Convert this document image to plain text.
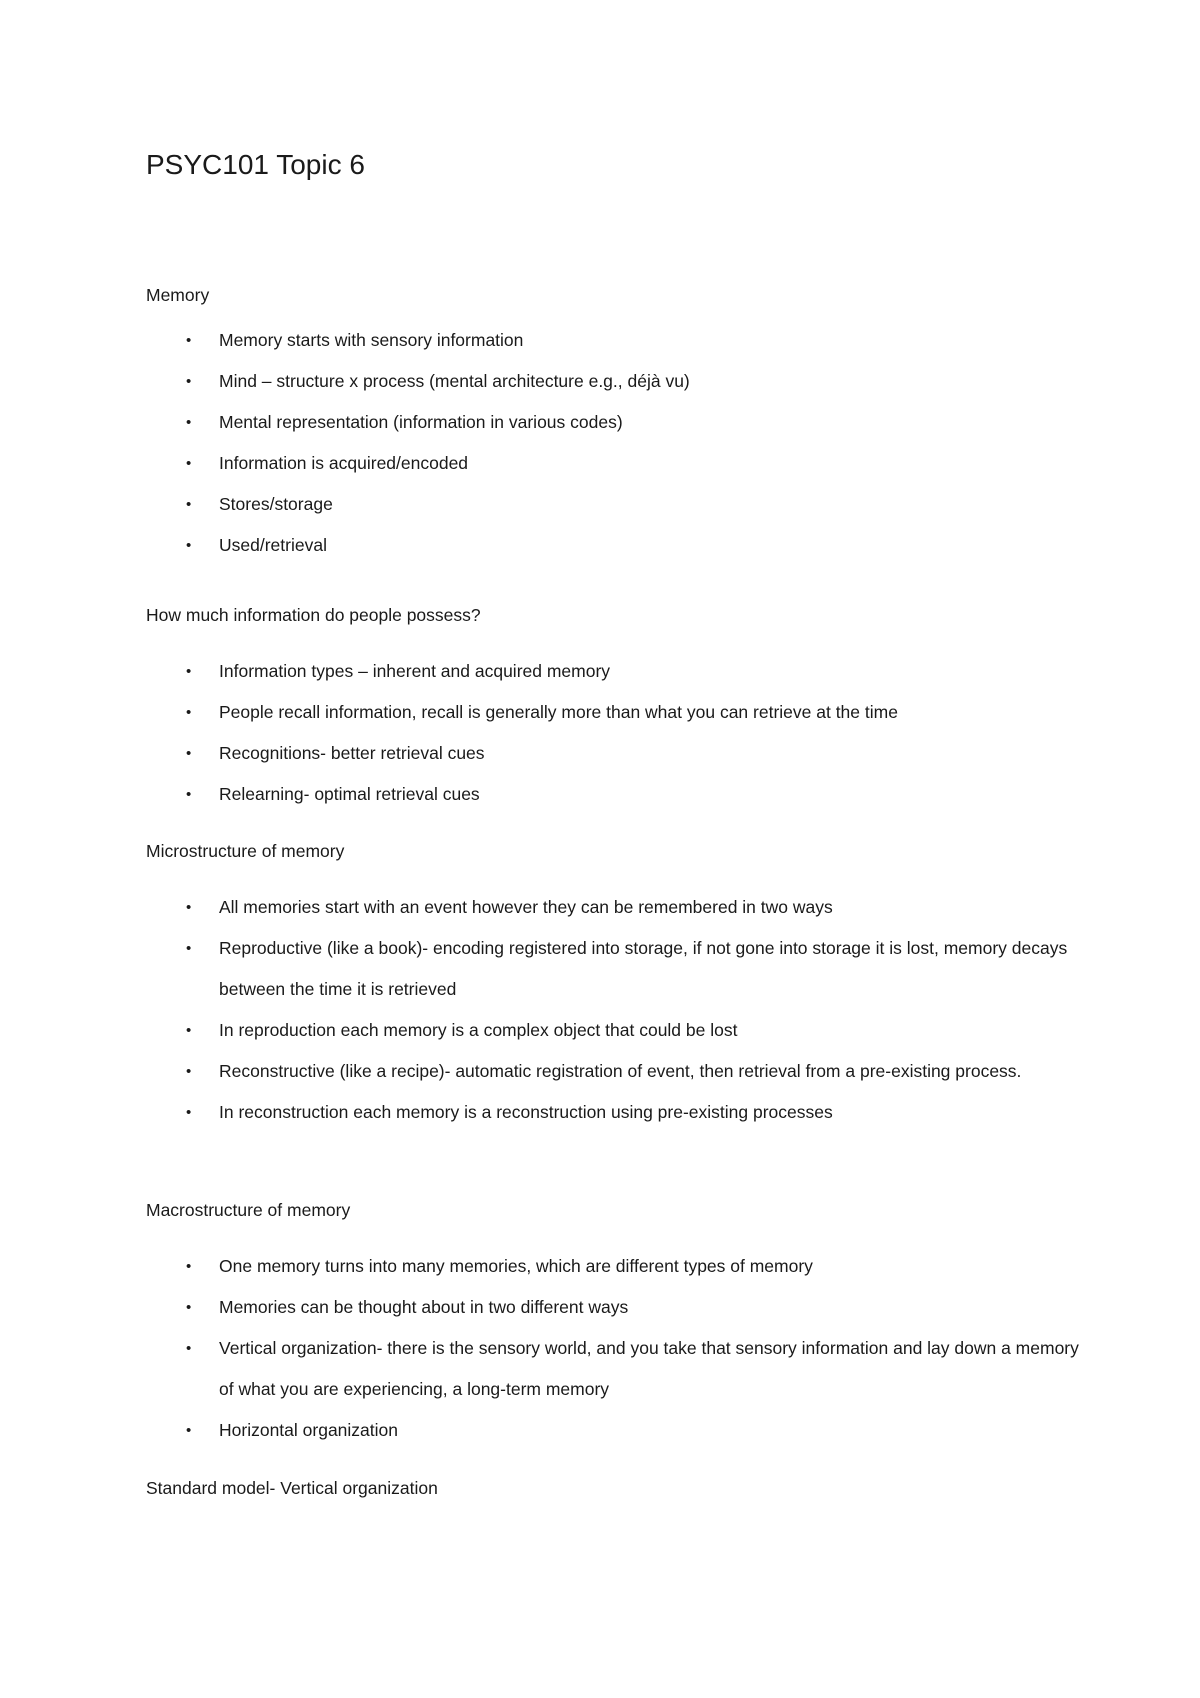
PSYC101 Topic 6
Memory
• Memory starts with sensory information
• Mind – structure x process (mental architecture e.g., déjà vu)
• Mental representation (information in various codes)
• Information is acquired/encoded
• Stores/storage
• Used/retrieval
How much information do people possess?
• Information types – inherent and acquired memory
• People recall information, recall is generally more than what you can retrieve at the time
• Recognitions- better retrieval cues
• Relearning- optimal retrieval cues
Microstructure of memory
• All memories start with an event however they can be remembered in two ways
• Reproductive (like a book)- encoding registered into storage, if not gone into storage it is lost, memory decays between the time it is retrieved
• In reproduction each memory is a complex object that could be lost
• Reconstructive (like a recipe)- automatic registration of event, then retrieval from a pre-existing process.
• In reconstruction each memory is a reconstruction using pre-existing processes
Macrostructure of memory
• One memory turns into many memories, which are different types of memory
• Memories can be thought about in two different ways
• Vertical organization- there is the sensory world, and you take that sensory information and lay down a memory of what you are experiencing, a long-term memory
• Horizontal organization
Standard model- Vertical organization
